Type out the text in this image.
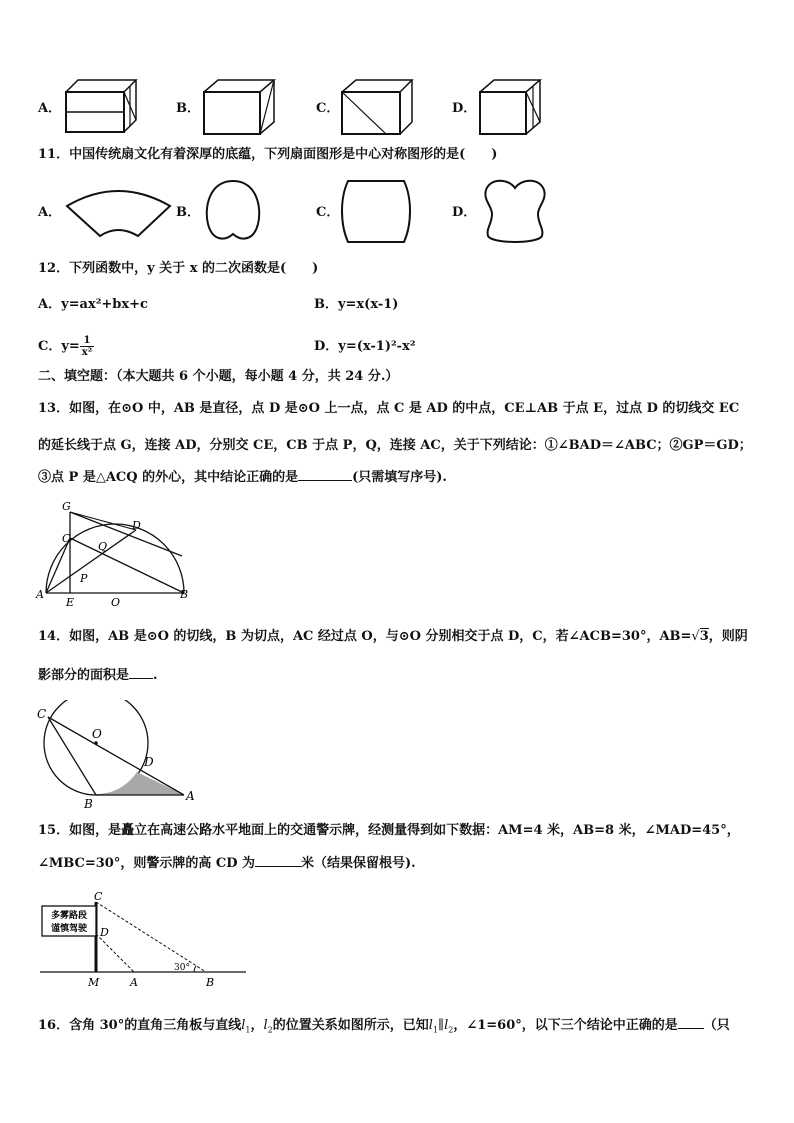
A．	B．	C．	D．
11．中国传统扇文化有着深厚的底蕴，下列扇面图形是中心对称图形的是(　　)
A．	B．	C．	D．
12．下列函数中，y 关于 x 的二次函数是(　　)
A．y=ax²+bx+c	B．y=x(x-1)
C．$y= \frac{1}{\text{x²}}$	D．y=(x-1)²-x²
二、填空题：（本大题共 6 个小题，每小题 4 分，共 24 分.）
13．如图，在⊙O 中，AB 是直径，点 D 是⊙O 上一点，点 C 是 AD 的中点，CE⊥AB 于点 E，过点 D 的切线交 EC
的延长线于点 G，连接 AD，分别交 CE，CB 于点 P，Q，连接 AC，关于下列结论：①∠BAD＝∠ABC；②GP＝GD；
③点 P 是△ACQ 的外心，其中结论正确的是	(只需填写序号).
G
D
C
Q
P
A
E	O
B
14．如图，AB 是⊙O 的切线，B 为切点，AC 经过点 O，与⊙O 分别相交于点 D，C，若∠ACB=30°，AB=√3，则阴
影部分的面积是 .
C
O
D
B
A
15．如图，是矗立在高速公路水平地面上的交通警示牌，经测量得到如下数据：AM=4 米，AB=8 米，∠MAD=45°，
∠MBC=30°，则警示牌的高 CD 为	米（结果保留根号).
多雾路段
谨慎驾驶
C
D
M	A	B
30°
16．含角 30°的直角三角板与直线$l_1$，$l_2$的位置关系如图所示，已知$l_1\parallel l_2$，∠1=60°，以下三个结论中正确的是 （只
